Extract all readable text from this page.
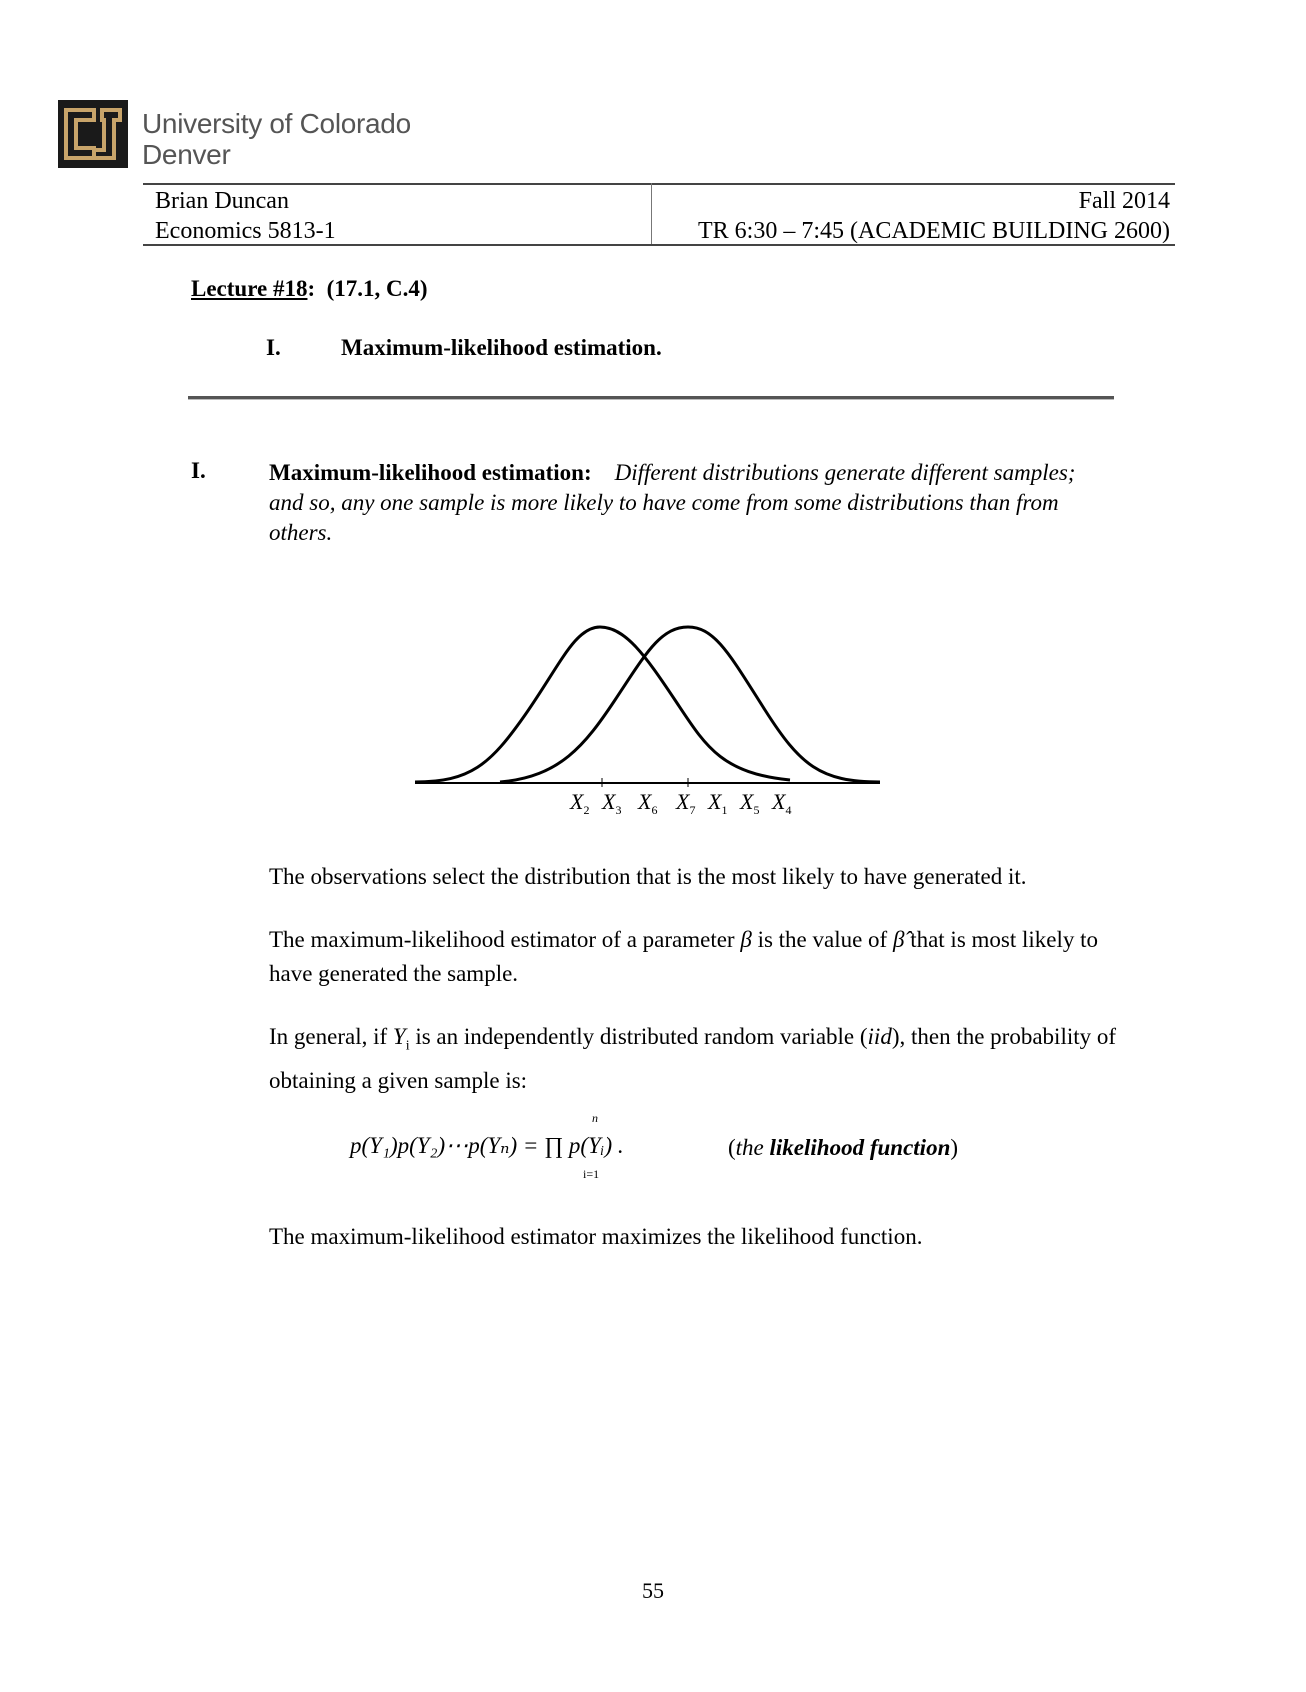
University of Colorado
Denver
Brian Duncan
Economics 5813-1
Fall 2014
TR 6:30 – 7:45 (ACADEMIC BUILDING 2600)
Lecture #18: (17.1, C.4)
I.	Maximum-likelihood estimation.
I.	Maximum-likelihood estimation: Different distributions generate different samples; and so, any one sample is more likely to have come from some distributions than from others.
$X_2$ $X_3$ $X_6$ $X_7$ $X_1$ $X_5$ $X_4$
The observations select the distribution that is the most likely to have generated it.
The maximum-likelihood estimator of a parameter β is the value of β̂ that is most likely to have generated the sample.
In general, if $Y_i$ is an independently distributed random variable (iid), then the probability of obtaining a given sample is:
n
p(Y₁)p(Y₂)⋯p(Yₙ) = ∏ p(Yᵢ) .
i=1
(the likelihood function)
The maximum-likelihood estimator maximizes the likelihood function.
55
